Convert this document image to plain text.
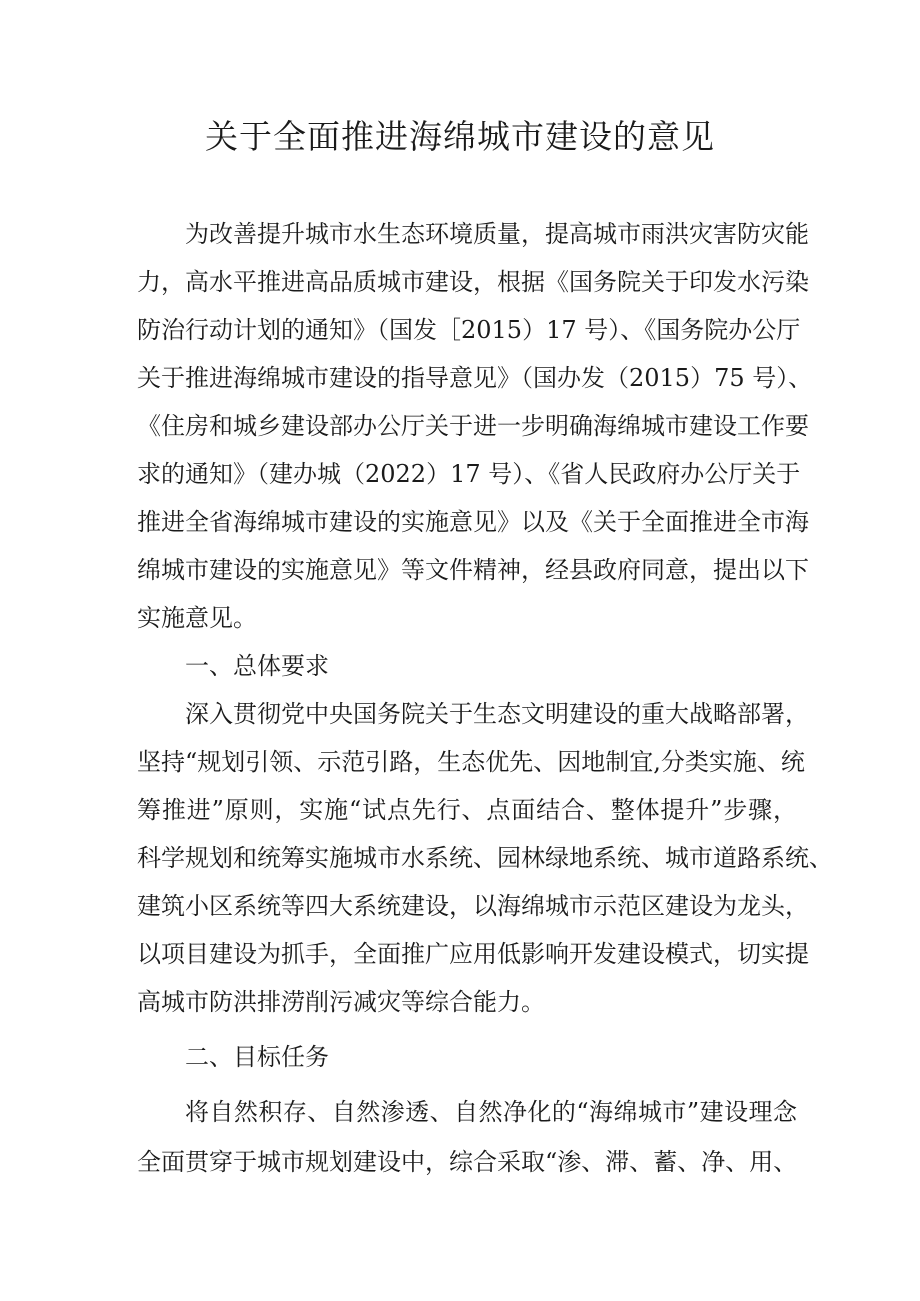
关于全面推进海绵城市建设的意见

为改善提升城市水生态环境质量，提高城市雨洪灾害防灾能

力，高水平推进高品质城市建设，根据《国务院关于印发水污染

防治行动计划的通知》（国发［2015）17 号）、《国务院办公厅

关于推进海绵城市建设的指导意见》（国办发（2015）75 号）、

《住房和城乡建设部办公厅关于进一步明确海绵城市建设工作要

求的通知》（建办城（2022）17 号）、《省人民政府办公厅关于

推进全省海绵城市建设的实施意见》以及《关于全面推进全市海

绵城市建设的实施意见》等文件精神，经县政府同意，提出以下

实施意见。

一、总体要求

深入贯彻党中央国务院关于生态文明建设的重大战略部署，

坚持“规划引领、示范引路，生态优先、因地制宜,分类实施、统

筹推进”原则，实施“试点先行、点面结合、整体提升”步骤，

科学规划和统筹实施城市水系统、园林绿地系统、城市道路系统、

建筑小区系统等四大系统建设，以海绵城市示范区建设为龙头，

以项目建设为抓手，全面推广应用低影响开发建设模式，切实提

高城市防洪排涝削污减灾等综合能力。

二、目标任务

将自然积存、自然渗透、自然净化的“海绵城市”建设理念

全面贯穿于城市规划建设中，综合采取“渗、滞、蓄、净、用、
